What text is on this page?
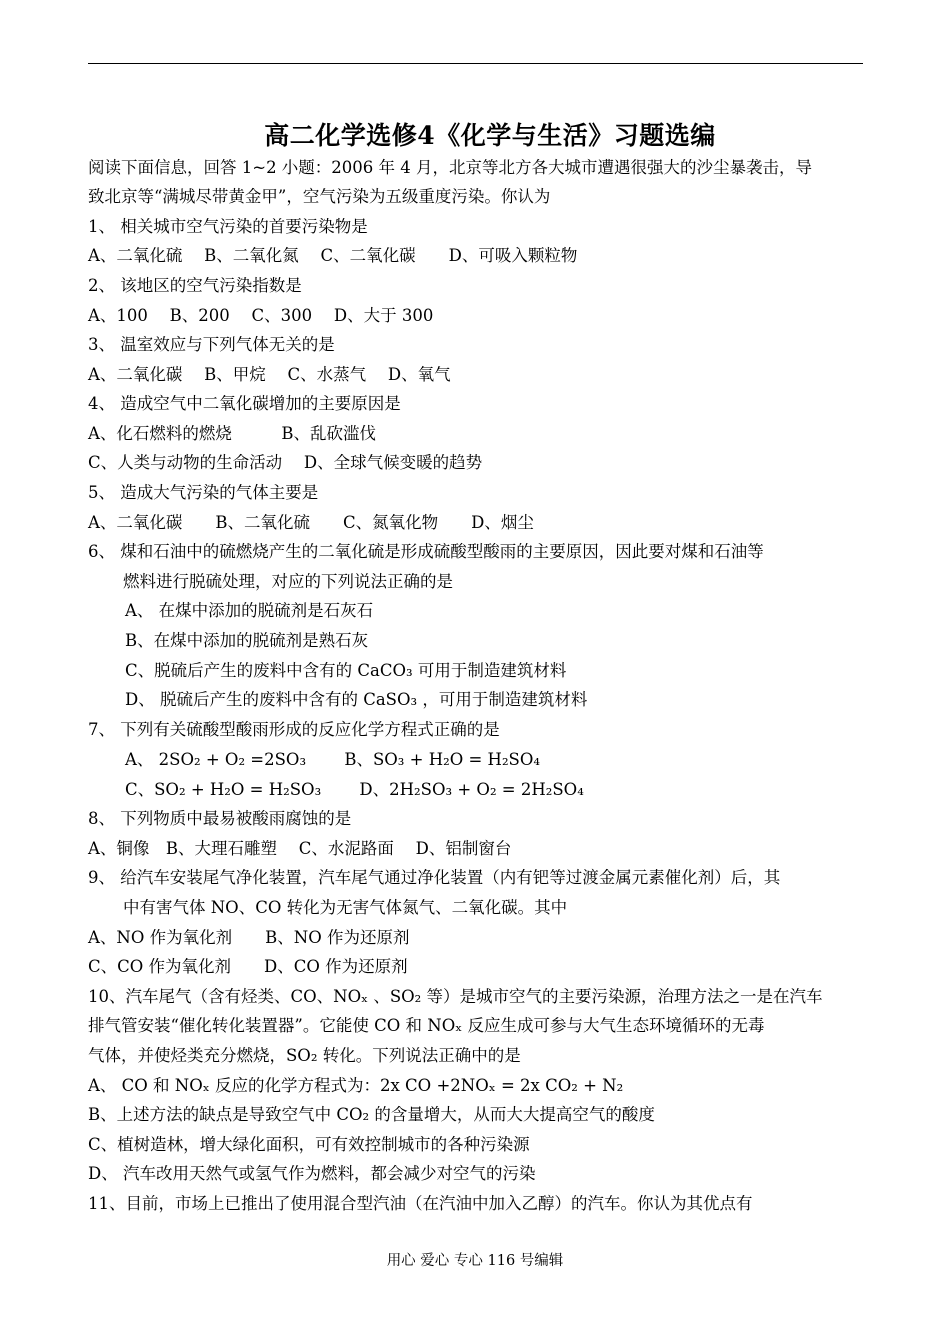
高二化学选修4《化学与生活》习题选编
阅读下面信息，回答 1~2 小题：2006 年 4 月，北京等北方各大城市遭遇很强大的沙尘暴袭击，导
致北京等“满城尽带黄金甲”，空气污染为五级重度污染。你认为
1、 相关城市空气污染的首要污染物是
A、二氧化硫　 B、二氧化氮　 C、二氧化碳　　D、可吸入颗粒物
2、 该地区的空气污染指数是
A、100　 B、200　 C、300　 D、大于 300
3、 温室效应与下列气体无关的是
A、二氧化碳　 B、甲烷　 C、水蒸气　 D、氧气
4、 造成空气中二氧化碳增加的主要原因是
A、化石燃料的燃烧　　　B、乱砍滥伐
C、人类与动物的生命活动　 D、全球气候变暖的趋势
5、 造成大气污染的气体主要是
A、二氧化碳　　B、二氧化硫　　C、氮氧化物　　D、烟尘
6、 煤和石油中的硫燃烧产生的二氧化硫是形成硫酸型酸雨的主要原因，因此要对煤和石油等
燃料进行脱硫处理，对应的下列说法正确的是
A、 在煤中添加的脱硫剂是石灰石
B、在煤中添加的脱硫剂是熟石灰
C、脱硫后产生的废料中含有的 CaCO₃ 可用于制造建筑材料
D、 脱硫后产生的废料中含有的 CaSO₃ ，可用于制造建筑材料
7、 下列有关硫酸型酸雨形成的反应化学方程式正确的是
A、 2SO₂ + O₂ =2SO₃　　 B、SO₃ + H₂O = H₂SO₄
C、SO₂ + H₂O = H₂SO₃　　 D、2H₂SO₃ + O₂ = 2H₂SO₄
8、 下列物质中最易被酸雨腐蚀的是
A、铜像　B、大理石雕塑　 C、水泥路面　 D、铝制窗台
9、 给汽车安装尾气净化装置，汽车尾气通过净化装置（内有钯等过渡金属元素催化剂）后，其
中有害气体 NO、CO 转化为无害气体氮气、二氧化碳。其中
A、NO 作为氧化剂　　B、NO 作为还原剂
C、CO 作为氧化剂　　D、CO 作为还原剂
10、汽车尾气（含有烃类、CO、NOₓ 、SO₂ 等）是城市空气的主要污染源，治理方法之一是在汽车
排气管安装“催化转化装置器”。它能使 CO 和 NOₓ 反应生成可参与大气生态环境循环的无毒
气体，并使烃类充分燃烧，SO₂ 转化。下列说法正确中的是
A、 CO 和 NOₓ 反应的化学方程式为：2x CO +2NOₓ = 2x CO₂ + N₂
B、上述方法的缺点是导致空气中 CO₂ 的含量增大，从而大大提高空气的酸度
C、植树造林，增大绿化面积，可有效控制城市的各种污染源
D、 汽车改用天然气或氢气作为燃料，都会减少对空气的污染
11、目前，市场上已推出了使用混合型汽油（在汽油中加入乙醇）的汽车。你认为其优点有
用心 爱心 专心 116 号编辑
